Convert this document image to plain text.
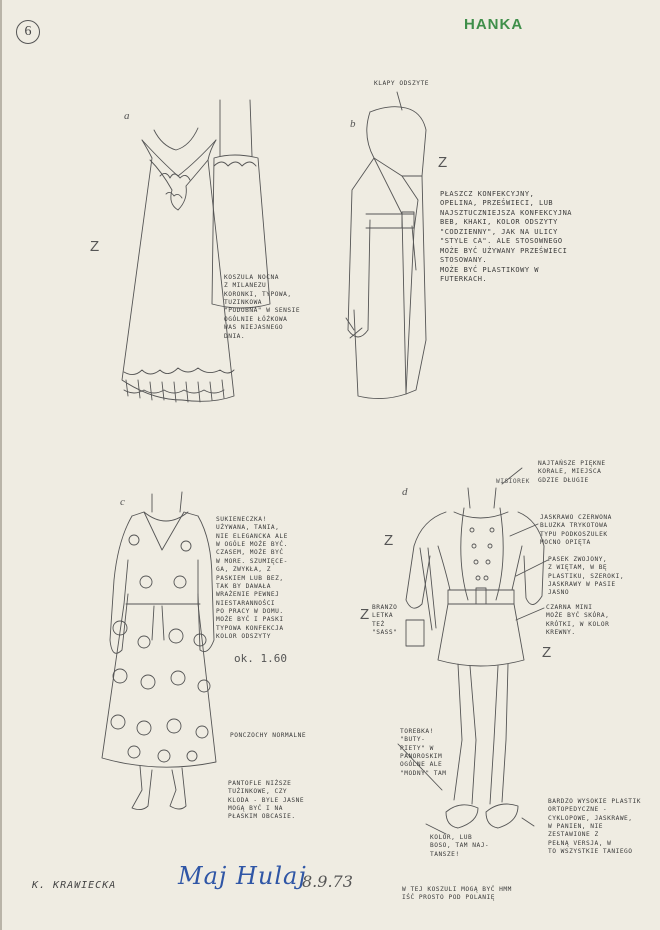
6	HANKA
a
Z
KOSZULA NOCNA
Z MILANEZU
KORONKI, TYPOWA,
TUZINKOWA
"PODOBNA" W SENSIE
OGÓLNIE ŁÓŻKOWA
WAS NIEJASNEGO
DNIA.
KLAPY ODSZYTE
b
Z
PŁASZCZ KONFEKCYJNY,
OPELINA, PRZEŚWIECI, LUB
NAJSZTUCZNIEJSZA KONFEKCYJNA
BEB, KHAKI, KOLOR ODSZYTY
"CODZIENNY", JAK NA ULICY
"STYLE CA". ALE STOSOWNEGO
MOŻE BYĆ UŻYWANY PRZEŚWIECI
STOSOWANY.
MOŻE BYĆ PLASTIKOWY W
FUTERKACH.
c
SUKIENECZKA!
UŻYWANA, TANIA,
NIE ELEGANCKA ALE
W OGÓLE MOŻE BYĆ.
CZASEM, MOŻE BYĆ
W MORE. SZUMIĘCE-
GA, ZWYKŁA, Z
PASKIEM LUB BEZ,
TAK BY DAWAŁA
WRAŻENIE PEWNEJ
NIESTARANNOŚCI
PO PRACY W DOMU.
MOŻE BYĆ I PASKI
TYPOWA KONFEKCJA
KOLOR ODSZYTY
ok. 1.60
PONCZOCHY NORMALNE
PANTOFLE NIŻSZE
TUŻINKOWE, CZY
KLODA - BYLE JASNE
MOGĄ BYĆ I NA
PŁASKIM OBCASIE.
d
Z
Z
Z
NAJTAŃSZE PIĘKNE
KORALE, MIEJSCA
GDZIE DŁUGIE
WISIOREK
JASKRAWO CZERWONA
BLUZKA TRYKOTOWA
TYPU PODKOSZULEK
MOCNO OPIĘTA
PASEK ZWOJONY,
Z WIĘTAM, W BĘ
PLASTIKU, SZEROKI,
JASKRAWY W PASIE
JASNO
CZARNA MINI
MOŻE BYĆ SKÓRA,
KRÓTKI, W KOLOR
KREWNY.
BRANZO
LETKA
TEŻ
"SASS"
TOREBKA!
"BUTY-
PIETY" W
PANOROSKIM
OGÓLNE ALE
"MODNY" TAM
BARDZO WYSOKIE PLASTIK
ORTOPEDYCZNE -
CYKLOPOWE, JASKRAWE,
W PANIEN, NIE
ZESTAWIONE Z
PEŁNĄ VERSJA, W
TO WSZYSTKIE TANIEGO
KOLOR, LUB
BOSO, TAM NAJ-
TANSZE!
W TEJ KOSZULI MOGĄ BYĆ HMM
IŚĆ PROSTO POD POLANIĘ
K. KRAWIECKA	Maj Hulaj
8.9.73
